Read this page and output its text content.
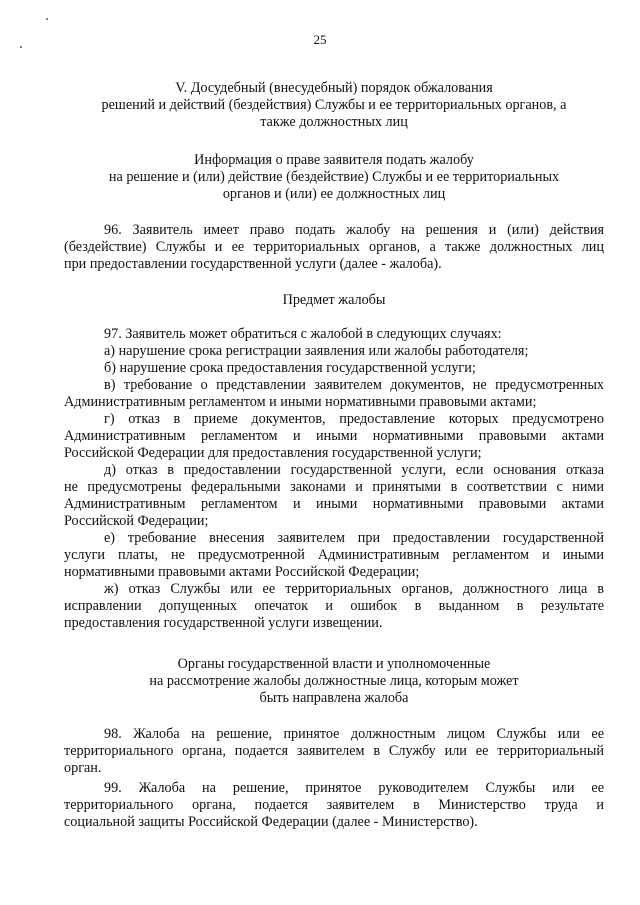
25
V. Досудебный (внесудебный) порядок обжалования
решений и действий (бездействия) Службы и ее территориальных органов, а
также должностных лиц
Информация о праве заявителя подать жалобу
на решение и (или) действие (бездействие) Службы и ее территориальных
органов и (или) ее должностных лиц
96. Заявитель имеет право подать жалобу на решения и (или) действия
(бездействие) Службы и ее территориальных органов, а также должностных лиц
при предоставлении государственной услуги (далее - жалоба).
Предмет жалобы
97. Заявитель может обратиться с жалобой в следующих случаях:
а) нарушение срока регистрации заявления или жалобы работодателя;
б) нарушение срока предоставления государственной услуги;
в) требование о представлении заявителем документов, не предусмотренных
Административным регламентом и иными нормативными правовыми актами;
г) отказ в приеме документов, предоставление которых предусмотрено
Административным регламентом и иными нормативными правовыми актами
Российской Федерации для предоставления государственной услуги;
д) отказ в предоставлении государственной услуги, если основания отказа
не предусмотрены федеральными законами и принятыми в соответствии с ними
Административным регламентом и иными нормативными правовыми актами
Российской Федерации;
е) требование внесения заявителем при предоставлении государственной
услуги платы, не предусмотренной Административным регламентом и иными
нормативными правовыми актами Российской Федерации;
ж) отказ Службы или ее территориальных органов, должностного лица в
исправлении допущенных опечаток и ошибок в выданном в результате
предоставления государственной услуги извещении.
Органы государственной власти и уполномоченные
на рассмотрение жалобы должностные лица, которым может
быть направлена жалоба
98. Жалоба на решение, принятое должностным лицом Службы или ее
территориального органа, подается заявителем в Службу или ее территориальный
орган.
99. Жалоба на решение, принятое руководителем Службы или ее
территориального органа, подается заявителем в Министерство труда и
социальной защиты Российской Федерации (далее - Министерство).
